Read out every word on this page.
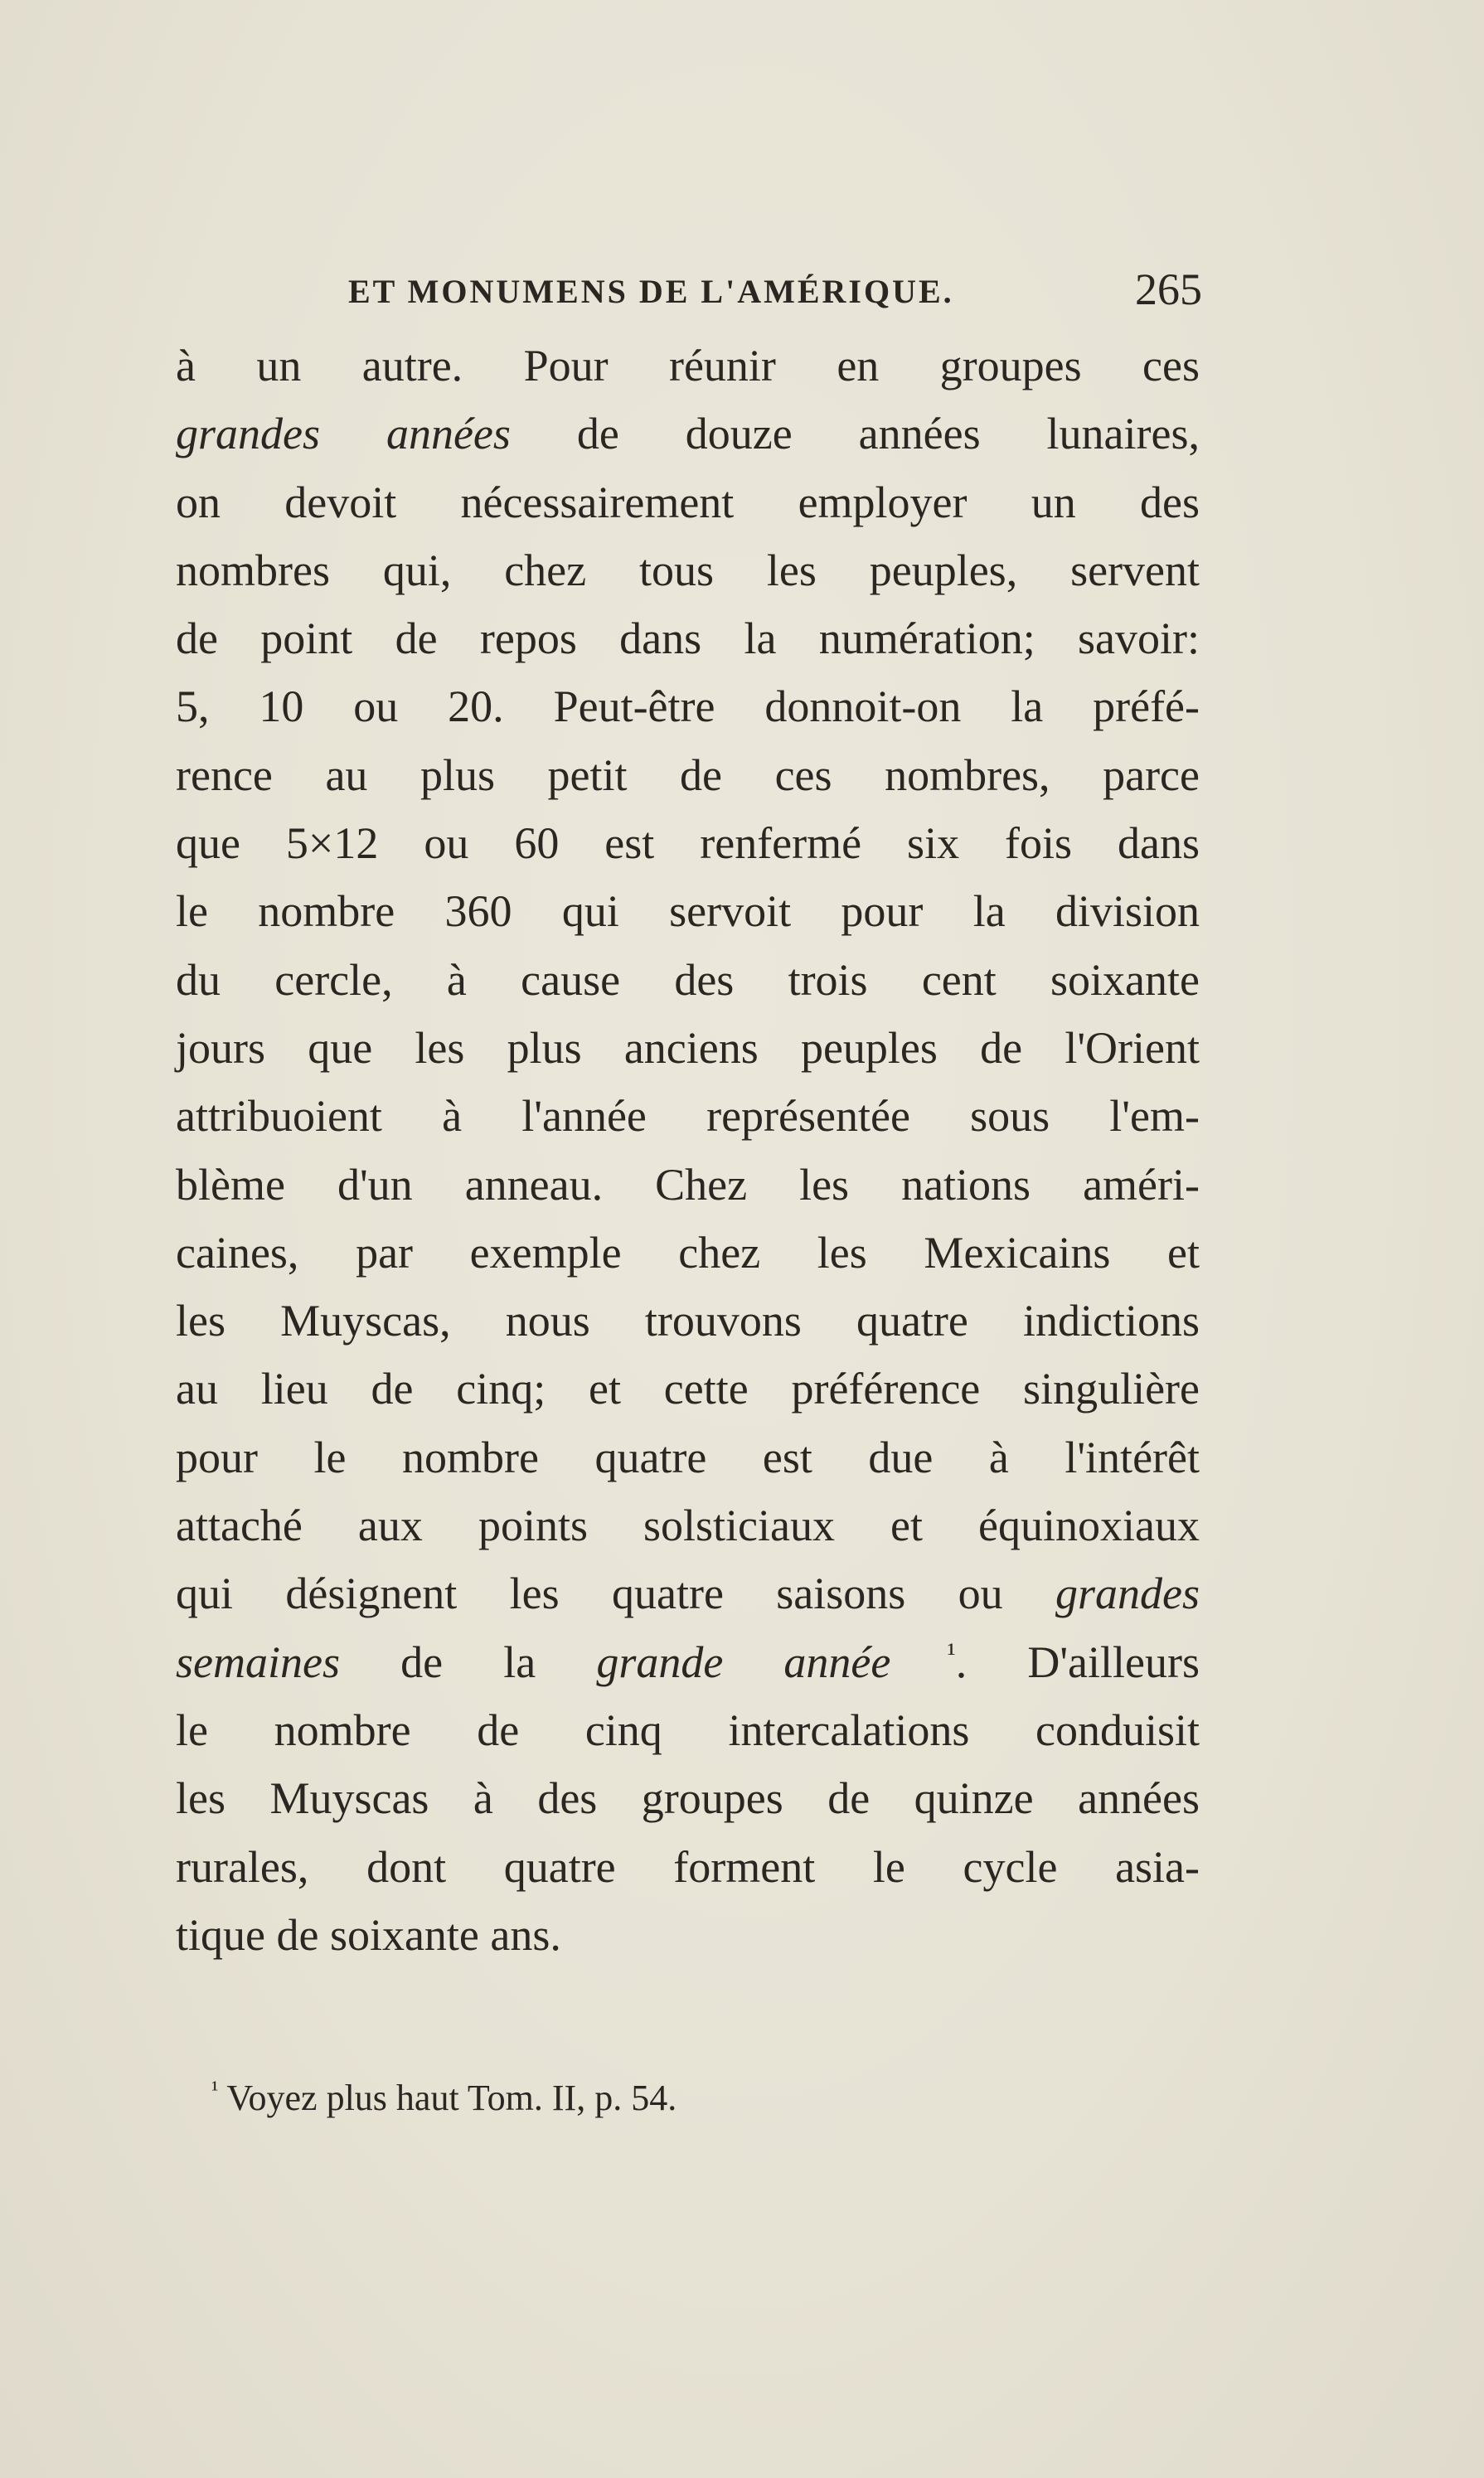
ET MONUMENS DE L'AMÉRIQUE.	265
à un autre. Pour réunir en groupes ces
grandes années de douze années lunaires,
on devoit nécessairement employer un des
nombres qui, chez tous les peuples, servent
de point de repos dans la numération; savoir:
5, 10 ou 20. Peut-être donnoit-on la préfé-
rence au plus petit de ces nombres, parce
que 5×12 ou 60 est renfermé six fois dans
le nombre 360 qui servoit pour la division
du cercle, à cause des trois cent soixante
jours que les plus anciens peuples de l'Orient
attribuoient à l'année représentée sous l'em-
blème d'un anneau. Chez les nations améri-
caines, par exemple chez les Mexicains et
les Muyscas, nous trouvons quatre indictions
au lieu de cinq; et cette préférence singulière
pour le nombre quatre est due à l'intérêt
attaché aux points solsticiaux et équinoxiaux
qui désignent les quatre saisons ou grandes
semaines de la grande année $^{^1}$. D'ailleurs
le nombre de cinq intercalations conduisit
les Muyscas à des groupes de quinze années
rurales, dont quatre forment le cycle asia-
tique de soixante ans.
$^{^1}$ Voyez plus haut Tom. II, p. 54.
